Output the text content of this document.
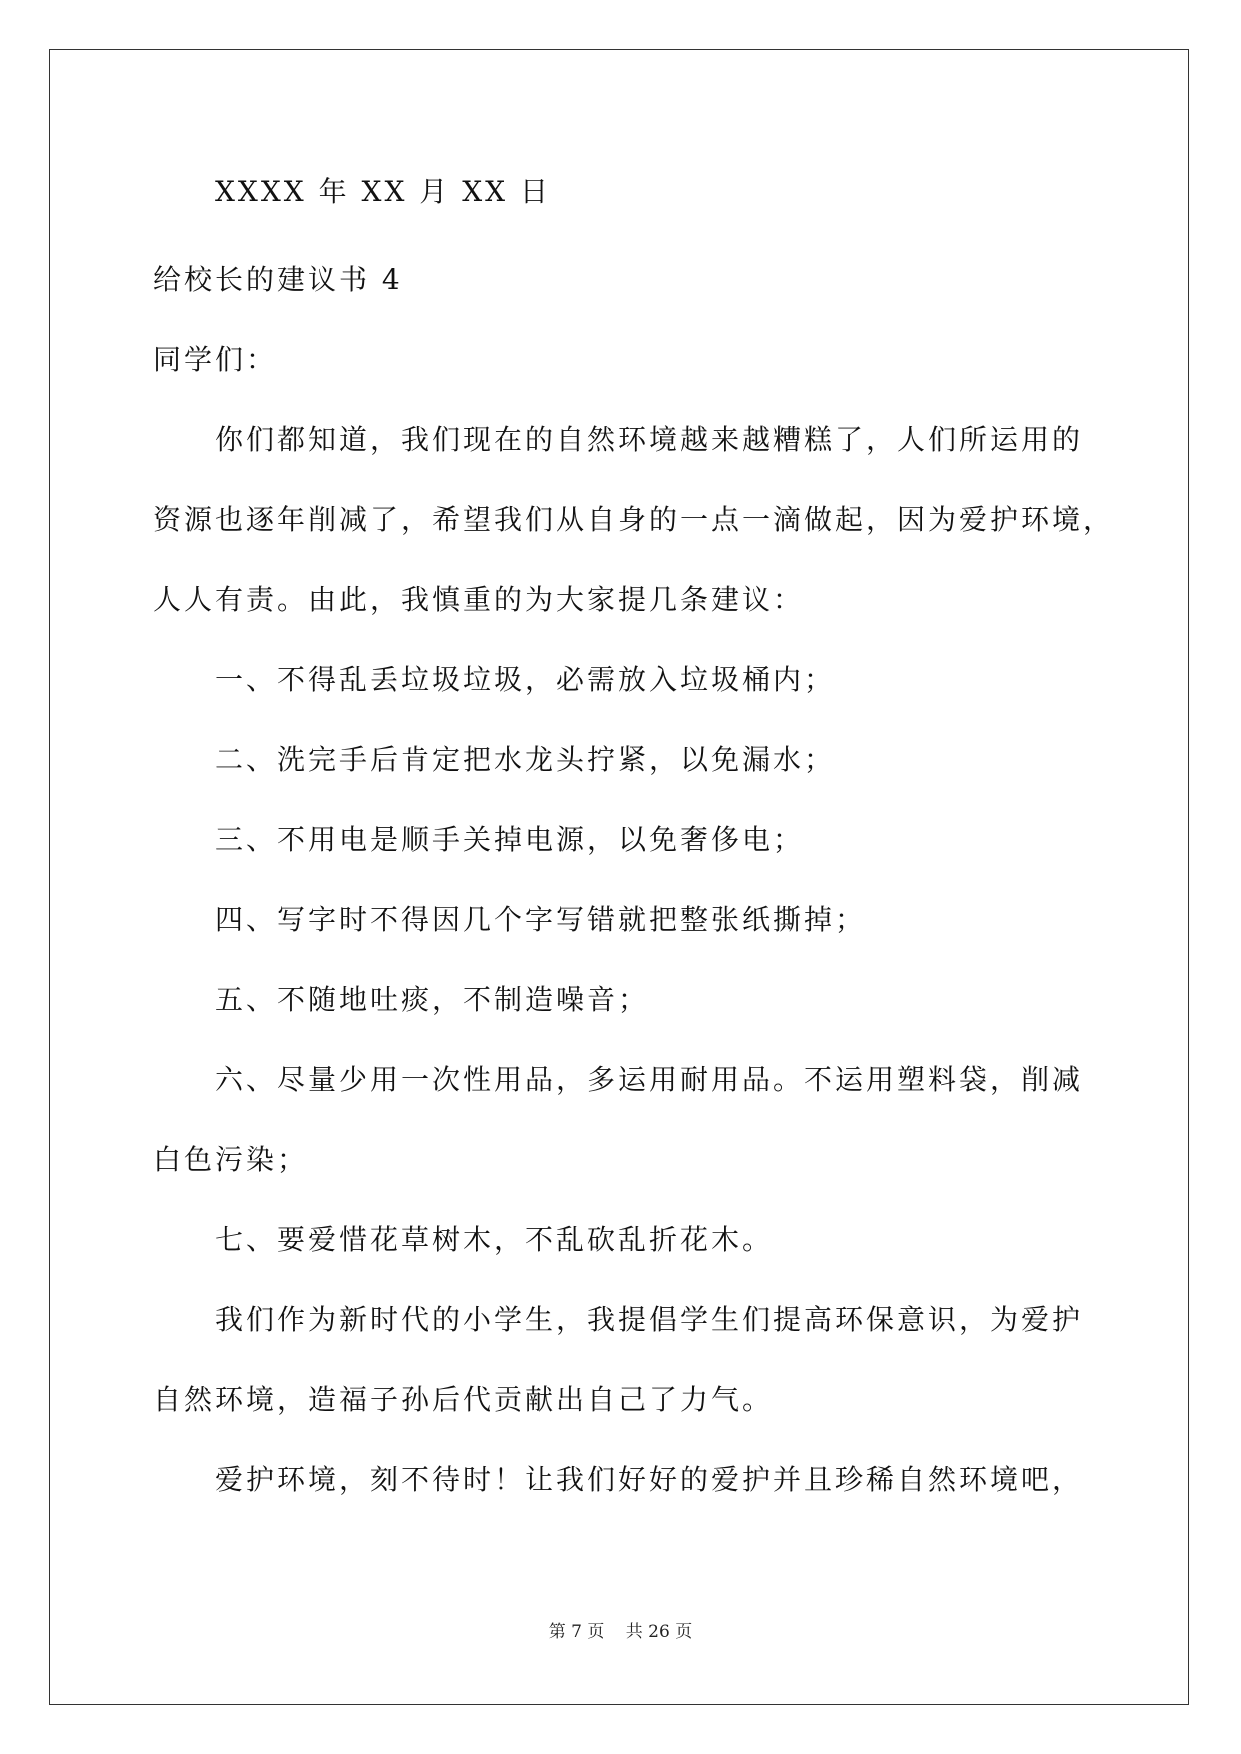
XXXX 年 XX 月 XX 日
给校长的建议书 4
同学们：
你们都知道，我们现在的自然环境越来越糟糕了，人们所运用的
资源也逐年削减了，希望我们从自身的一点一滴做起，因为爱护环境，
人人有责。由此，我慎重的为大家提几条建议：
一、不得乱丢垃圾垃圾，必需放入垃圾桶内；
二、洗完手后肯定把水龙头拧紧，以免漏水；
三、不用电是顺手关掉电源，以免奢侈电；
四、写字时不得因几个字写错就把整张纸撕掉；
五、不随地吐痰，不制造噪音；
六、尽量少用一次性用品，多运用耐用品。不运用塑料袋，削减
白色污染；
七、要爱惜花草树木，不乱砍乱折花木。
我们作为新时代的小学生，我提倡学生们提高环保意识，为爱护
自然环境，造福子孙后代贡献出自己了力气。
爱护环境，刻不待时！让我们好好的爱护并且珍稀自然环境吧，
第 7 页 共 26 页
